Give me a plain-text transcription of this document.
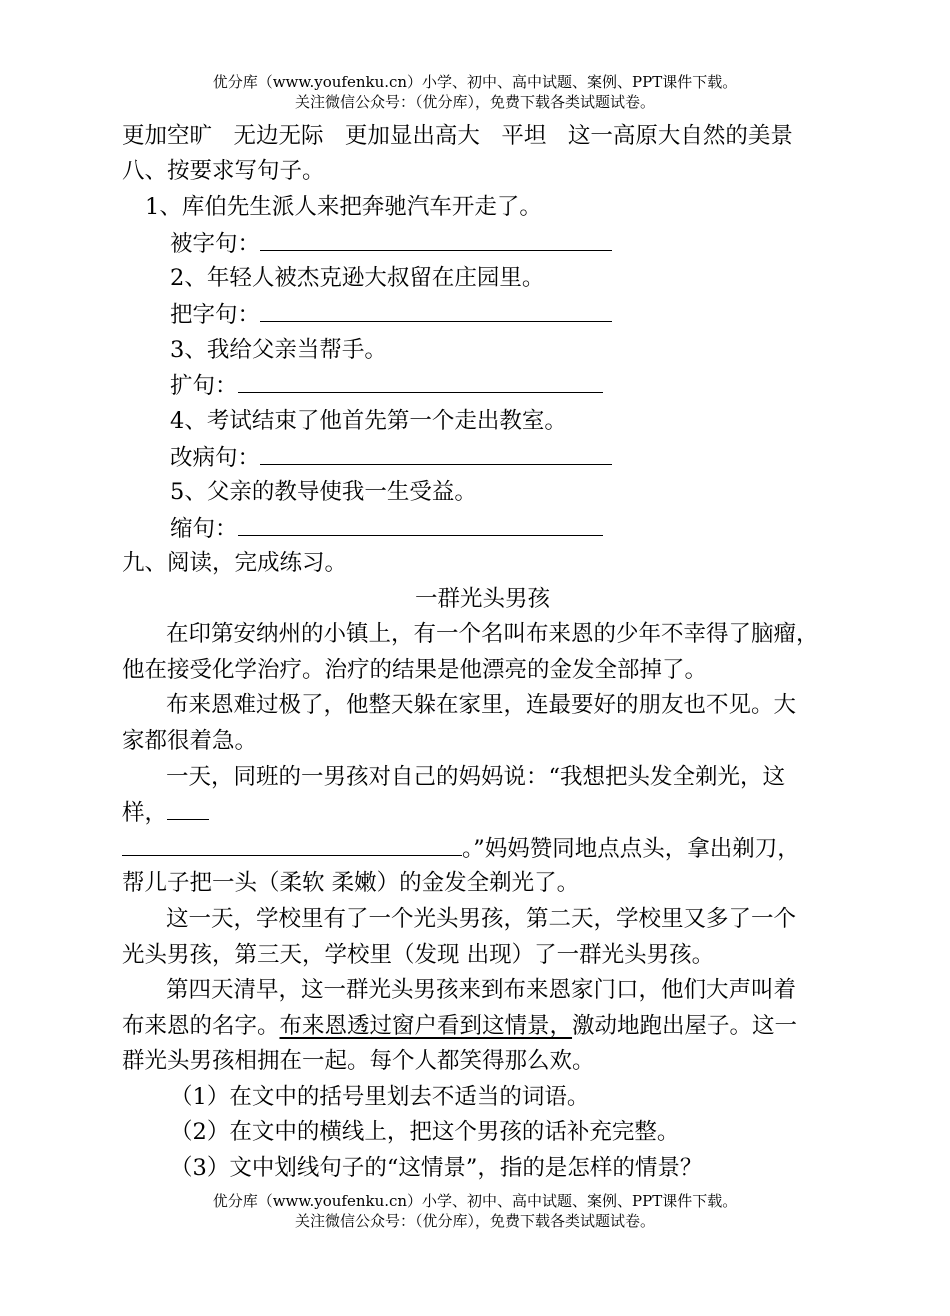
优分库（www.youfenku.cn）小学、初中、高中试题、案例、PPT课件下载。
关注微信公众号：（优分库），免费下载各类试题试卷。
更加空旷   无边无际   更加显出高大   平坦   这一高原大自然的美景
八、按要求写句子。
1、库伯先生派人来把奔驰汽车开走了。
被字句：
2、年轻人被杰克逊大叔留在庄园里。
把字句：
3、我给父亲当帮手。
扩句：
4、考试结束了他首先第一个走出教室。
改病句：
5、父亲的教导使我一生受益。
缩句：
九、阅读，完成练习。
一群光头男孩
在印第安纳州的小镇上，有一个名叫布来恩的少年不幸得了脑瘤，
他在接受化学治疗。治疗的结果是他漂亮的金发全部掉了。
布来恩难过极了，他整天躲在家里，连最要好的朋友也不见。大
家都很着急。
一天，同班的一男孩对自己的妈妈说：“我想把头发全剃光，这
样，
。”妈妈赞同地点点头，拿出剃刀，
帮儿子把一头（柔软 柔嫩）的金发全剃光了。
这一天，学校里有了一个光头男孩，第二天，学校里又多了一个
光头男孩，第三天，学校里（发现 出现）了一群光头男孩。
第四天清早，这一群光头男孩来到布来恩家门口，他们大声叫着
布来恩的名字。布来恩透过窗户看到这情景，激动地跑出屋子。这一
群光头男孩相拥在一起。每个人都笑得那么欢。
（1）在文中的括号里划去不适当的词语。
（2）在文中的横线上，把这个男孩的话补充完整。
（3）文中划线句子的“这情景”，指的是怎样的情景？
优分库（www.youfenku.cn）小学、初中、高中试题、案例、PPT课件下载。
关注微信公众号：（优分库），免费下载各类试题试卷。
